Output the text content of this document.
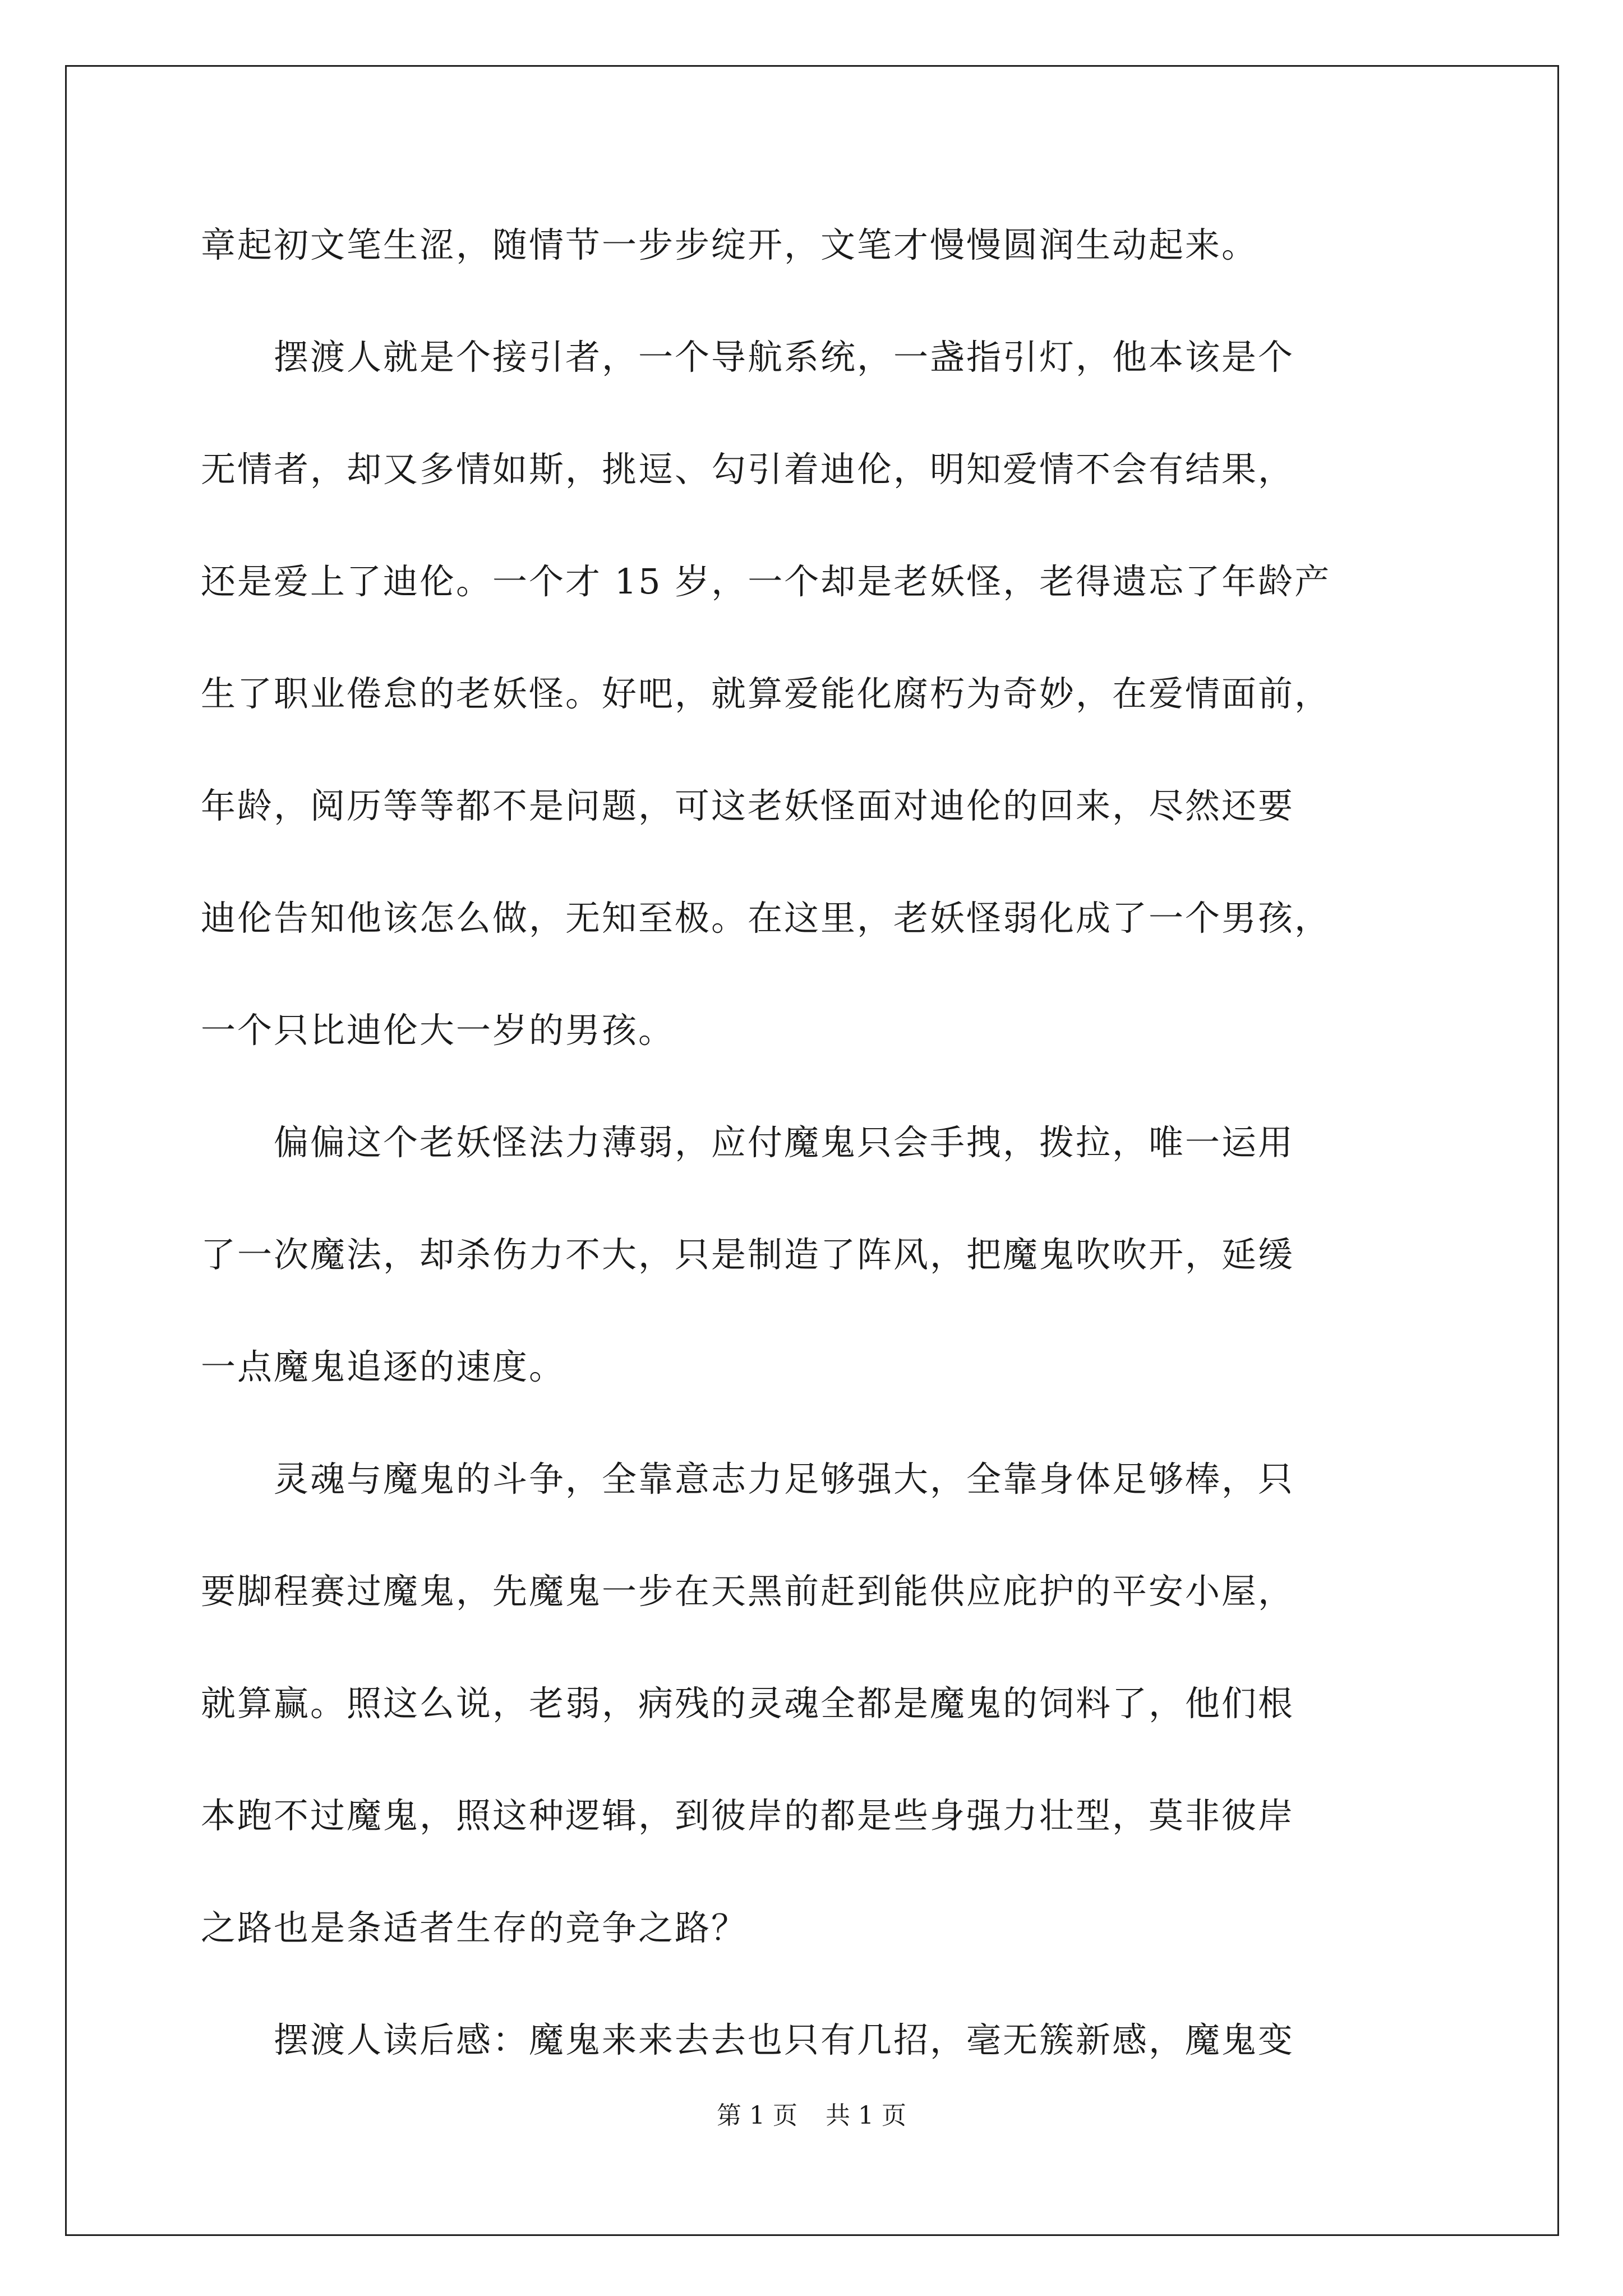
章起初文笔生涩，随情节一步步绽开，文笔才慢慢圆润生动起来。

　　摆渡人就是个接引者，一个导航系统，一盏指引灯，他本该是个

无情者，却又多情如斯，挑逗、勾引着迪伦，明知爱情不会有结果，

还是爱上了迪伦。一个才 15 岁，一个却是老妖怪，老得遗忘了年龄产

生了职业倦怠的老妖怪。好吧，就算爱能化腐朽为奇妙，在爱情面前，

年龄，阅历等等都不是问题，可这老妖怪面对迪伦的回来，尽然还要

迪伦告知他该怎么做，无知至极。在这里，老妖怪弱化成了一个男孩，

一个只比迪伦大一岁的男孩。

　　偏偏这个老妖怪法力薄弱，应付魔鬼只会手拽，拨拉，唯一运用

了一次魔法，却杀伤力不大，只是制造了阵风，把魔鬼吹吹开，延缓

一点魔鬼追逐的速度。

　　灵魂与魔鬼的斗争，全靠意志力足够强大，全靠身体足够棒，只

要脚程赛过魔鬼，先魔鬼一步在天黑前赶到能供应庇护的平安小屋，

就算赢。照这么说，老弱，病残的灵魂全都是魔鬼的饲料了，他们根

本跑不过魔鬼，照这种逻辑，到彼岸的都是些身强力壮型，莫非彼岸

之路也是条适者生存的竞争之路？

　　摆渡人读后感：魔鬼来来去去也只有几招，毫无簇新感，魔鬼变

第 1 页 共 1 页
